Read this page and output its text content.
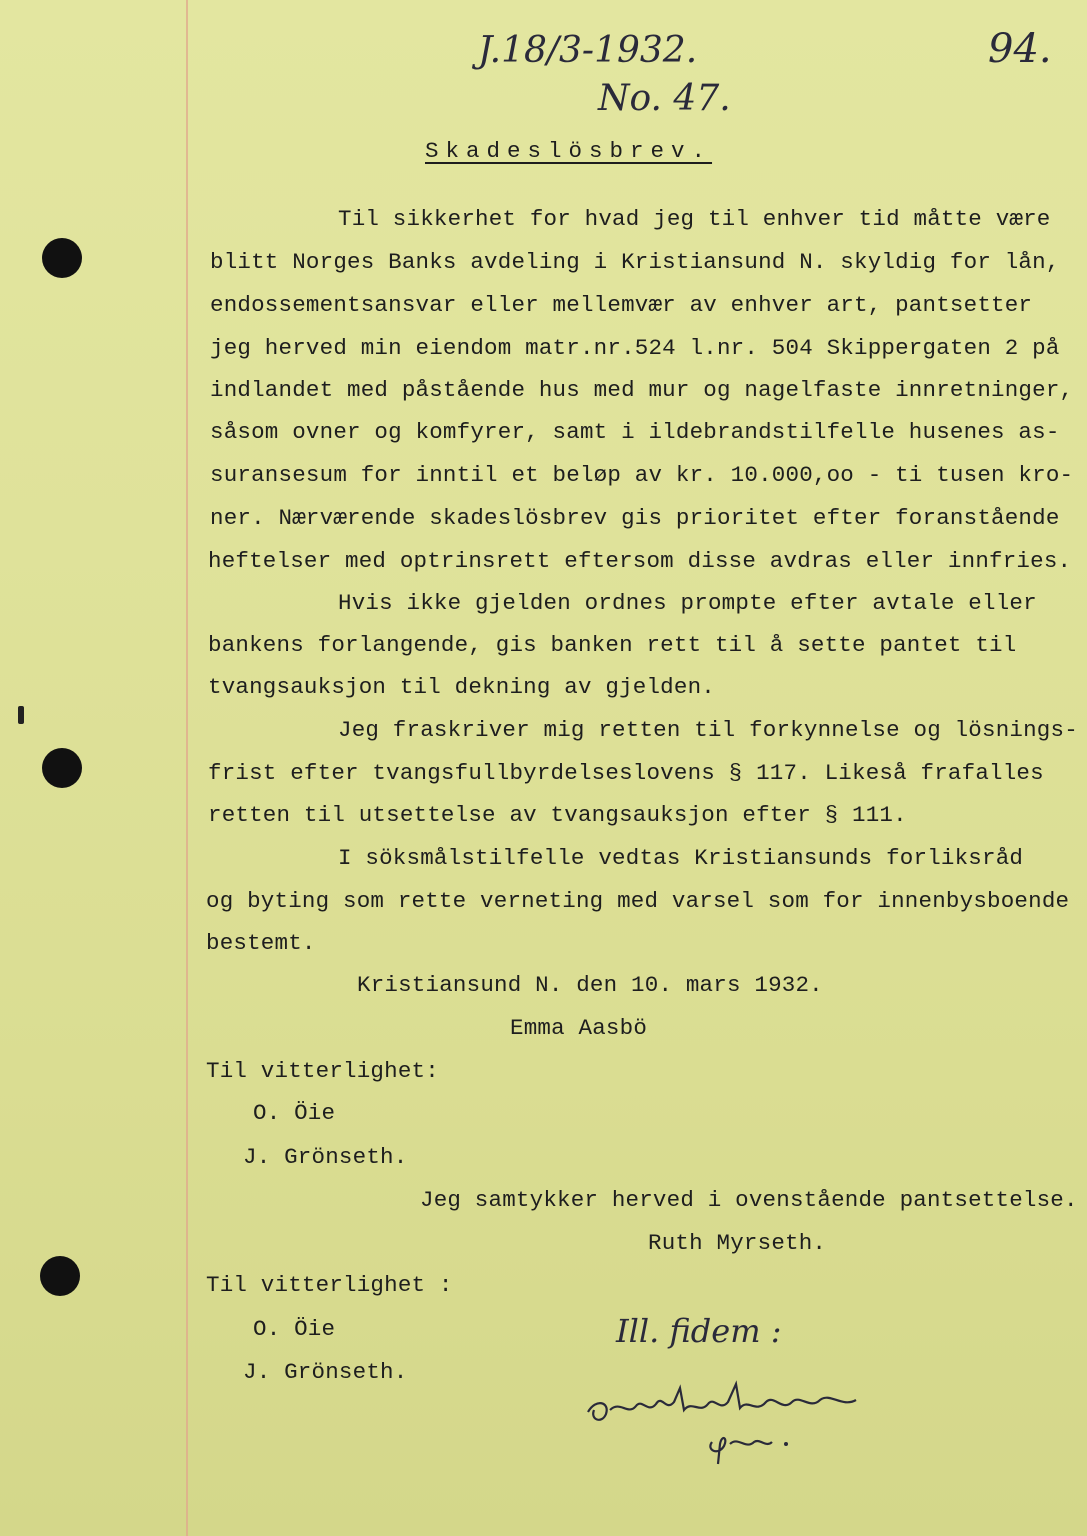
J.18/3-1932.
No. 47.
94.
Skadeslösbrev.
Til sikkerhet for hvad jeg til enhver tid måtte være
blitt Norges Banks avdeling i Kristiansund N. skyldig for lån,
endossementsansvar eller mellemvær av enhver art, pantsetter
jeg herved min eiendom matr.nr.524 l.nr. 504 Skippergaten 2 på
indlandet med påstående hus med mur og nagelfaste innretninger,
såsom ovner og komfyrer, samt i ildebrandstilfelle husenes as-
suransesum for inntil et beløp av kr. 10.000,oo - ti tusen kro-
ner. Nærværende skadeslösbrev gis prioritet efter foranstående
heftelser med optrinsrett eftersom disse avdras eller innfries.
Hvis ikke gjelden ordnes prompte efter avtale eller
bankens forlangende, gis banken rett til å sette pantet til
tvangsauksjon til dekning av gjelden.
Jeg fraskriver mig retten til forkynnelse og lösnings-
frist efter tvangsfullbyrdelseslovens § 117. Likeså frafalles
retten til utsettelse av tvangsauksjon efter § 111.
I söksmålstilfelle vedtas Kristiansunds forliksråd
og byting som rette verneting med varsel som for innenbysboende
bestemt.
Kristiansund N. den 10. mars 1932.
Emma Aasbö
Til vitterlighet:
O. Öie
J. Grönseth.
Jeg samtykker herved i ovenstående pantsettelse.
Ruth Myrseth.
Til vitterlighet :
O. Öie
J. Grönseth.
Ill. fidem :
